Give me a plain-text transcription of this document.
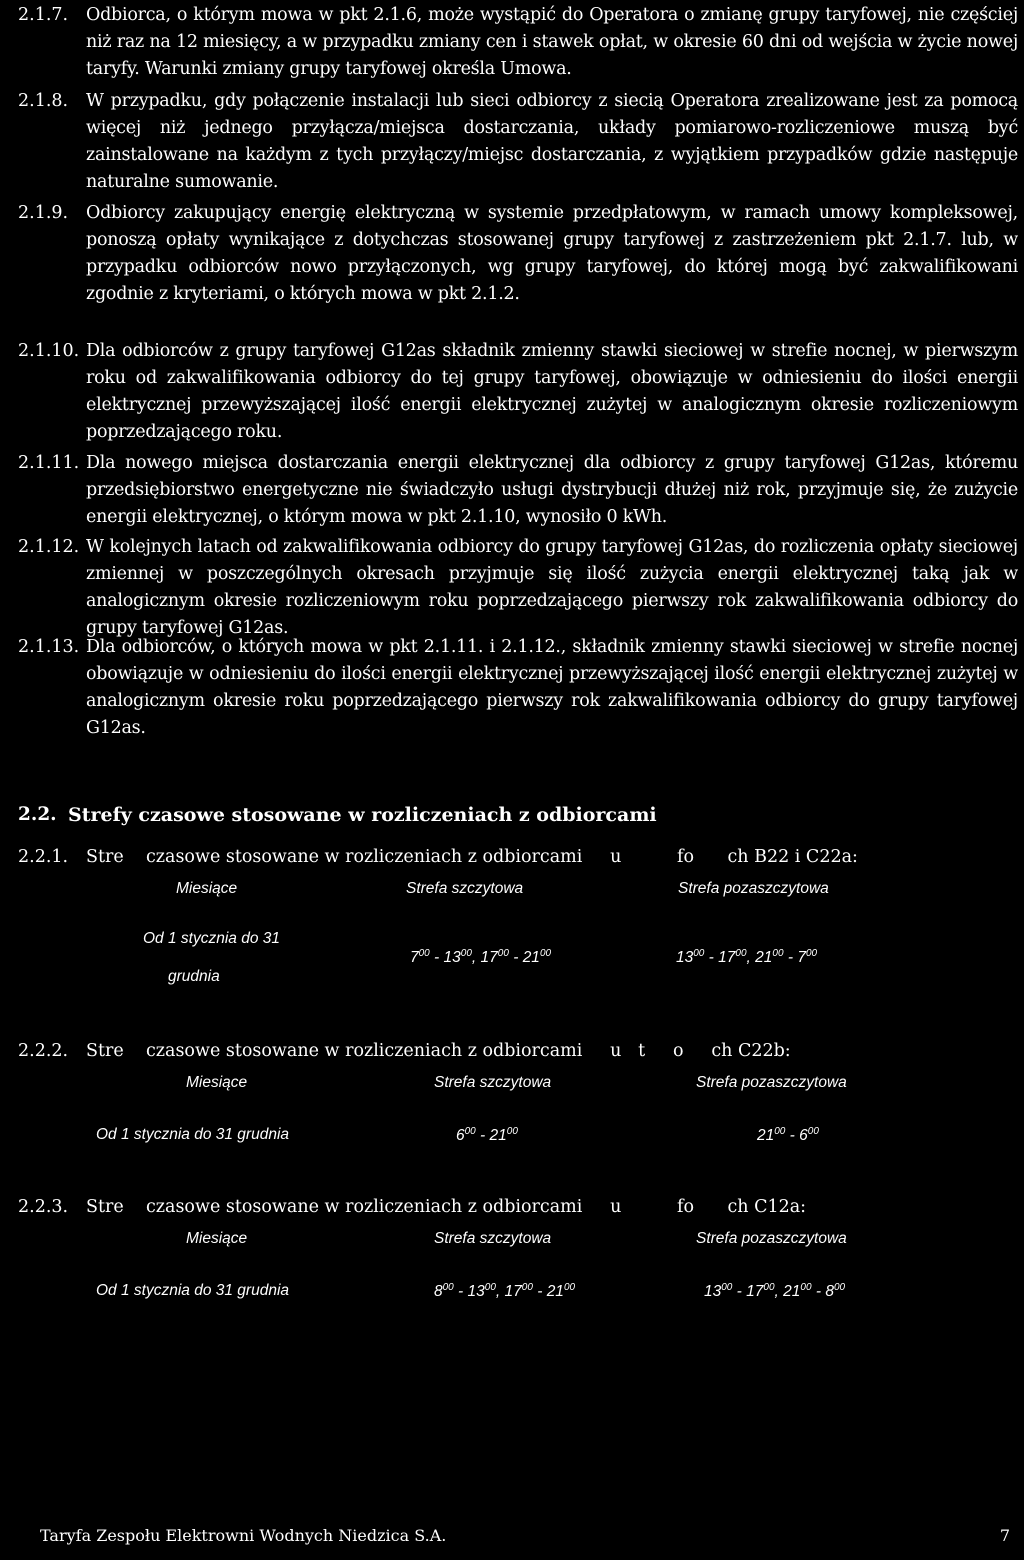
2.1.7. Odbiorca, o którym mowa w pkt 2.1.6, może wystąpić do Operatora o zmianę grupy taryfowej, nie częściej niż raz na 12 miesięcy, a w przypadku zmiany cen i stawek opłat, w okresie 60 dni od wejścia w życie nowej taryfy. Warunki zmiany grupy taryfowej określa Umowa.
2.1.8. W przypadku, gdy połączenie instalacji lub sieci odbiorcy z siecią Operatora zrealizowane jest za pomocą więcej niż jednego przyłącza/miejsca dostarczania, układy pomiarowo-rozliczeniowe muszą być zainstalowane na każdym z tych przyłączy/miejsc dostarczania, z wyjątkiem przypadków gdzie następuje naturalne sumowanie.
2.1.9. Odbiorcy zakupujący energię elektryczną w systemie przedpłatowym, w ramach umowy kompleksowej, ponoszą opłaty wynikające z dotychczas stosowanej grupy taryfowej z zastrzeżeniem pkt 2.1.7. lub, w przypadku odbiorców nowo przyłączonych, wg grupy taryfowej, do której mogą być zakwalifikowani zgodnie z kryteriami, o których mowa w pkt 2.1.2.
2.1.10. Dla odbiorców z grupy taryfowej G12as składnik zmienny stawki sieciowej w strefie nocnej, w pierwszym roku od zakwalifikowania odbiorcy do tej grupy taryfowej, obowiązuje w odniesieniu do ilości energii elektrycznej przewyższającej ilość energii elektrycznej zużytej w analogicznym okresie rozliczeniowym poprzedzającego roku.
2.1.11. Dla nowego miejsca dostarczania energii elektrycznej dla odbiorcy z grupy taryfowej G12as, któremu przedsiębiorstwo energetyczne nie świadczyło usługi dystrybucji dłużej niż rok, przyjmuje się, że zużycie energii elektrycznej, o którym mowa w pkt 2.1.10, wynosiło 0 kWh.
2.1.12. W kolejnych latach od zakwalifikowania odbiorcy do grupy taryfowej G12as, do rozliczenia opłaty sieciowej zmiennej w poszczególnych okresach przyjmuje się ilość zużycia energii elektrycznej taką jak w analogicznym okresie rozliczeniowym roku poprzedzającego pierwszy rok zakwalifikowania odbiorcy do grupy taryfowej G12as.
2.1.13. Dla odbiorców, o których mowa w pkt 2.1.11. i 2.1.12., składnik zmienny stawki sieciowej w strefie nocnej obowiązuje w odniesieniu do ilości energii elektrycznej przewyższającej ilość energii elektrycznej zużytej w analogicznym okresie roku poprzedzającego pierwszy rok zakwalifikowania odbiorcy do grupy taryfowej G12as.
2.2. Strefy czasowe stosowane w rozliczeniach z odbiorcami
2.2.1. Stre    czasowe stosowane w rozliczeniach z odbiorcami     u          fo      ch B22 i C22a:
Miesiące	Strefa szczytowa	Strefa pozaszczytowa
Od 1 stycznia do 31
grudnia
$7^{00} - 13^{00}$, $17^{00} - 21^{00}$	$13^{00} - 17^{00}$, $21^{00} - 7^{00}$
2.2.2. Stre    czasowe stosowane w rozliczeniach z odbiorcami     u   t     o     ch C22b:
Miesiące	Strefa szczytowa	Strefa pozaszczytowa
Od 1 stycznia do 31 grudnia	$6^{00} - 21^{00}$	$21^{00} - 6^{00}$
2.2.3. Stre    czasowe stosowane w rozliczeniach z odbiorcami     u          fo      ch C12a:
Miesiące	Strefa szczytowa	Strefa pozaszczytowa
Od 1 stycznia do 31 grudnia	$8^{00} - 13^{00}$, $17^{00} - 21^{00}$	$13^{00} - 17^{00}$, $21^{00} - 8^{00}$
Taryfa Zespołu Elektrowni Wodnych Niedzica S.A.	7
